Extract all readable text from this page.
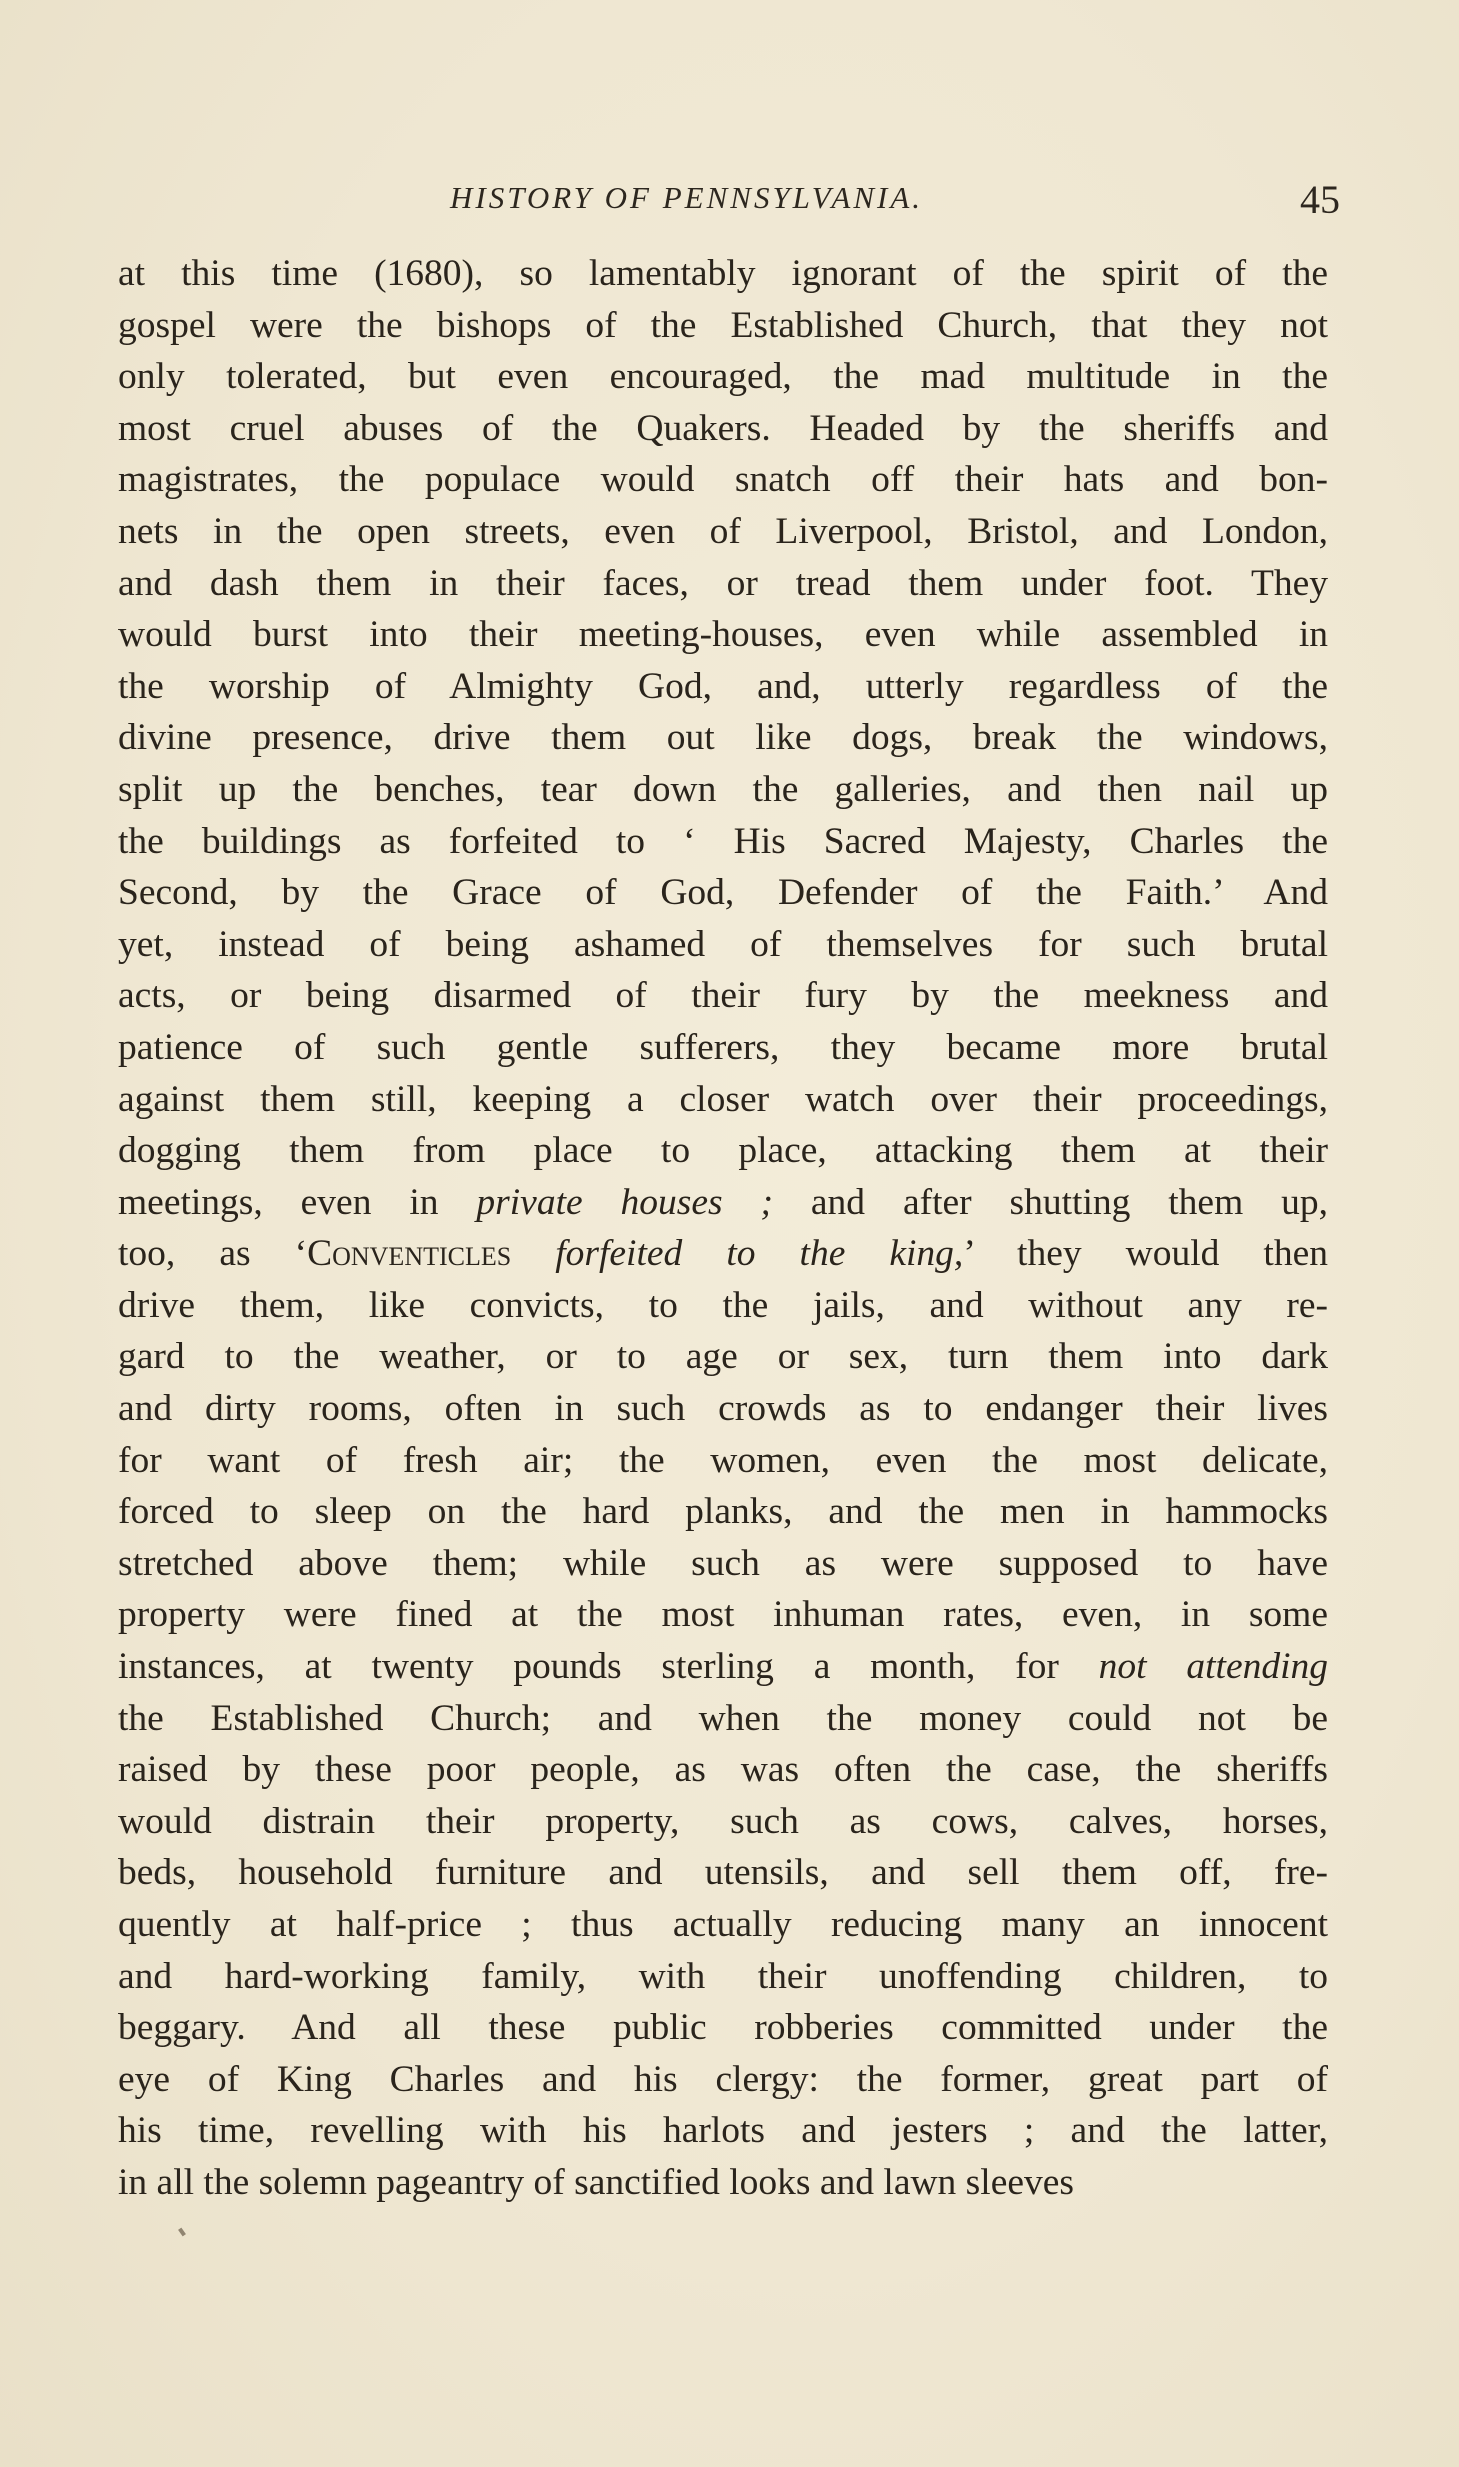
HISTORY OF PENNSYLVANIA.	45
at this time (1680), so lamentably ignorant of the spirit of the
gospel were the bishops of the Established Church, that they not
only tolerated, but even encouraged, the mad multitude in the
most cruel abuses of the Quakers. Headed by the sheriffs and
magistrates, the populace would snatch off their hats and bon-
nets in the open streets, even of Liverpool, Bristol, and London,
and dash them in their faces, or tread them under foot. They
would burst into their meeting-houses, even while assembled in
the worship of Almighty God, and, utterly regardless of the
divine presence, drive them out like dogs, break the windows,
split up the benches, tear down the galleries, and then nail up
the buildings as forfeited to ‘ His Sacred Majesty, Charles the
Second, by the Grace of God, Defender of the Faith.’ And
yet, instead of being ashamed of themselves for such brutal
acts, or being disarmed of their fury by the meekness and
patience of such gentle sufferers, they became more brutal
against them still, keeping a closer watch over their proceedings,
dogging them from place to place, attacking them at their
meetings, even in private houses ; and after shutting them up,
too, as ‘Conventicles forfeited to the king,’ they would then
drive them, like convicts, to the jails, and without any re-
gard to the weather, or to age or sex, turn them into dark
and dirty rooms, often in such crowds as to endanger their lives
for want of fresh air; the women, even the most delicate,
forced to sleep on the hard planks, and the men in hammocks
stretched above them; while such as were supposed to have
property were fined at the most inhuman rates, even, in some
instances, at twenty pounds sterling a month, for not attending
the Established Church; and when the money could not be
raised by these poor people, as was often the case, the sheriffs
would distrain their property, such as cows, calves, horses,
beds, household furniture and utensils, and sell them off, fre-
quently at half-price ; thus actually reducing many an innocent
and hard-working family, with their unoffending children, to
beggary. And all these public robberies committed under the
eye of King Charles and his clergy: the former, great part of
his time, revelling with his harlots and jesters ; and the latter,
in all the solemn pageantry of sanctified looks and lawn sleeves
